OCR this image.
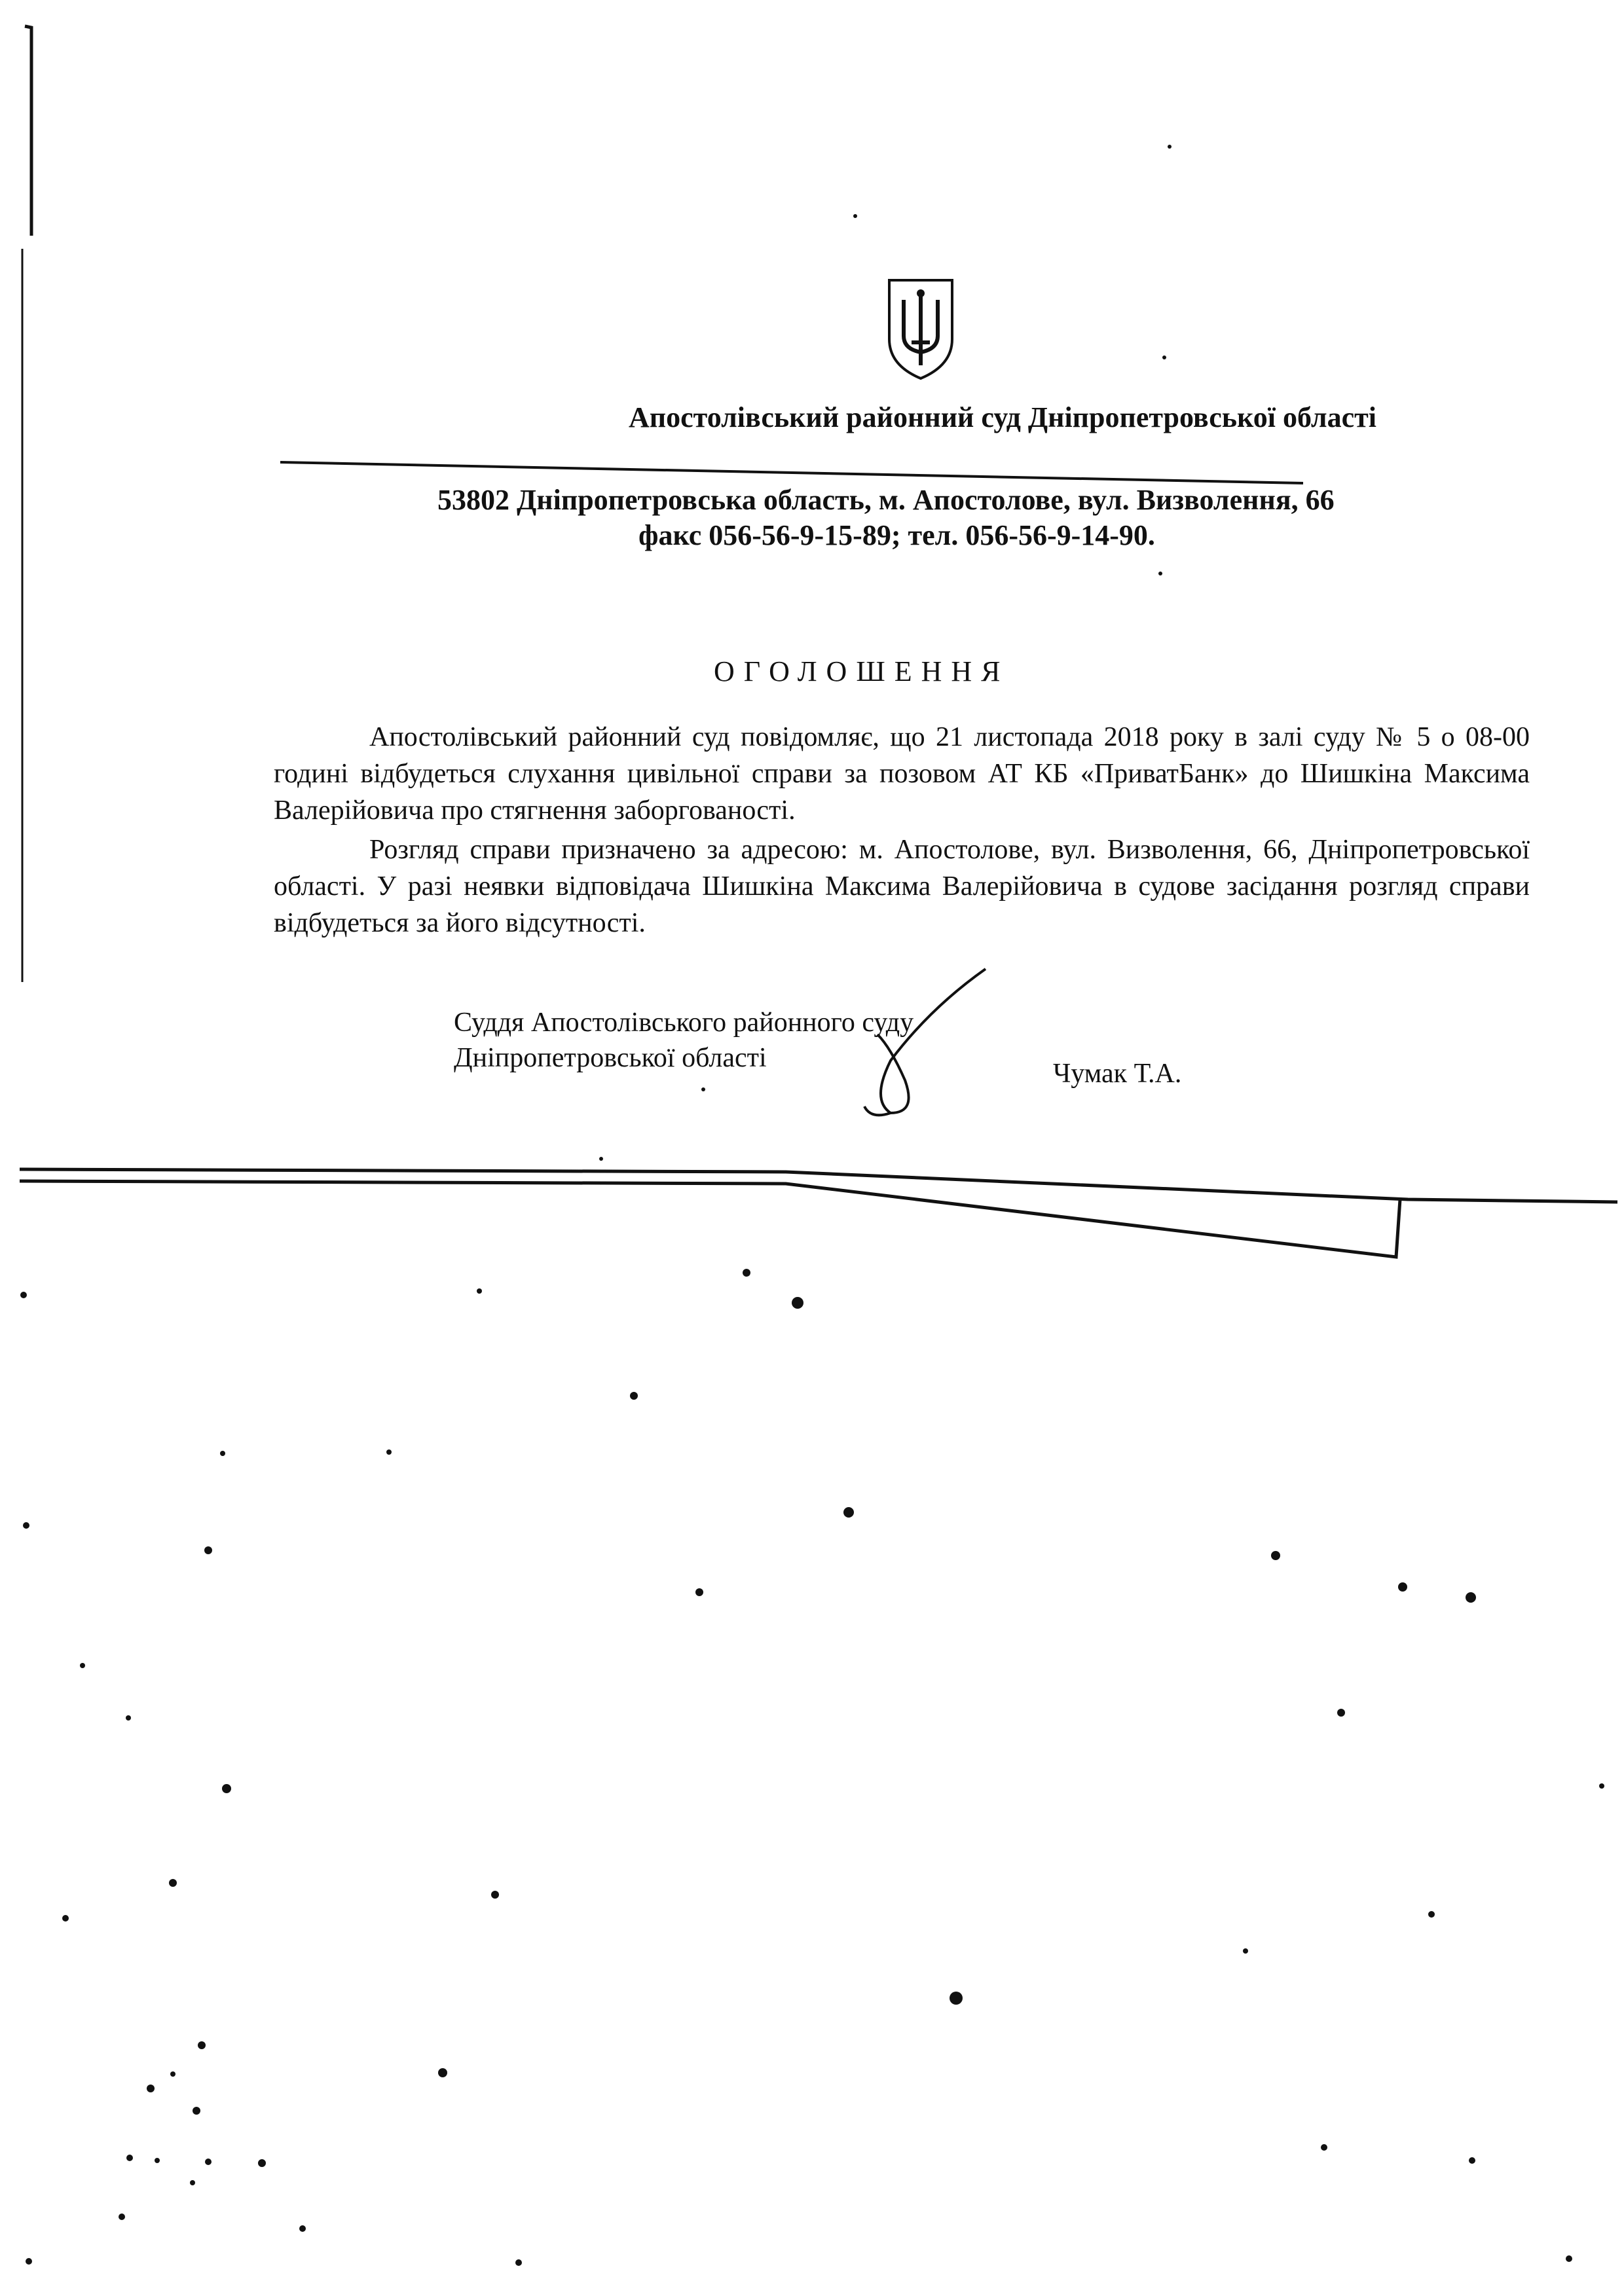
Апостолівський районний суд Дніпропетровської області
53802 Дніпропетровська область, м. Апостолове, вул. Визволення, 66
факс 056-56-9-15-89; тел. 056-56-9-14-90.
ОГОЛОШЕННЯ
Апостолівський районний суд повідомляє, що 21 листопада 2018 року в залі суду № 5 о 08-00 годині відбудеться слухання цивільної справи за позовом АТ КБ «ПриватБанк» до Шишкіна Максима Валерійовича про стягнення заборгованості.
Розгляд справи призначено за адресою: м. Апостолове, вул. Визволення, 66, Дніпропетровської області. У разі неявки відповідача Шишкіна Максима Валерійовича в судове засідання розгляд справи відбудеться за його відсутності.
Суддя Апостолівського районного суду
Дніпропетровської області
Чумак Т.А.
